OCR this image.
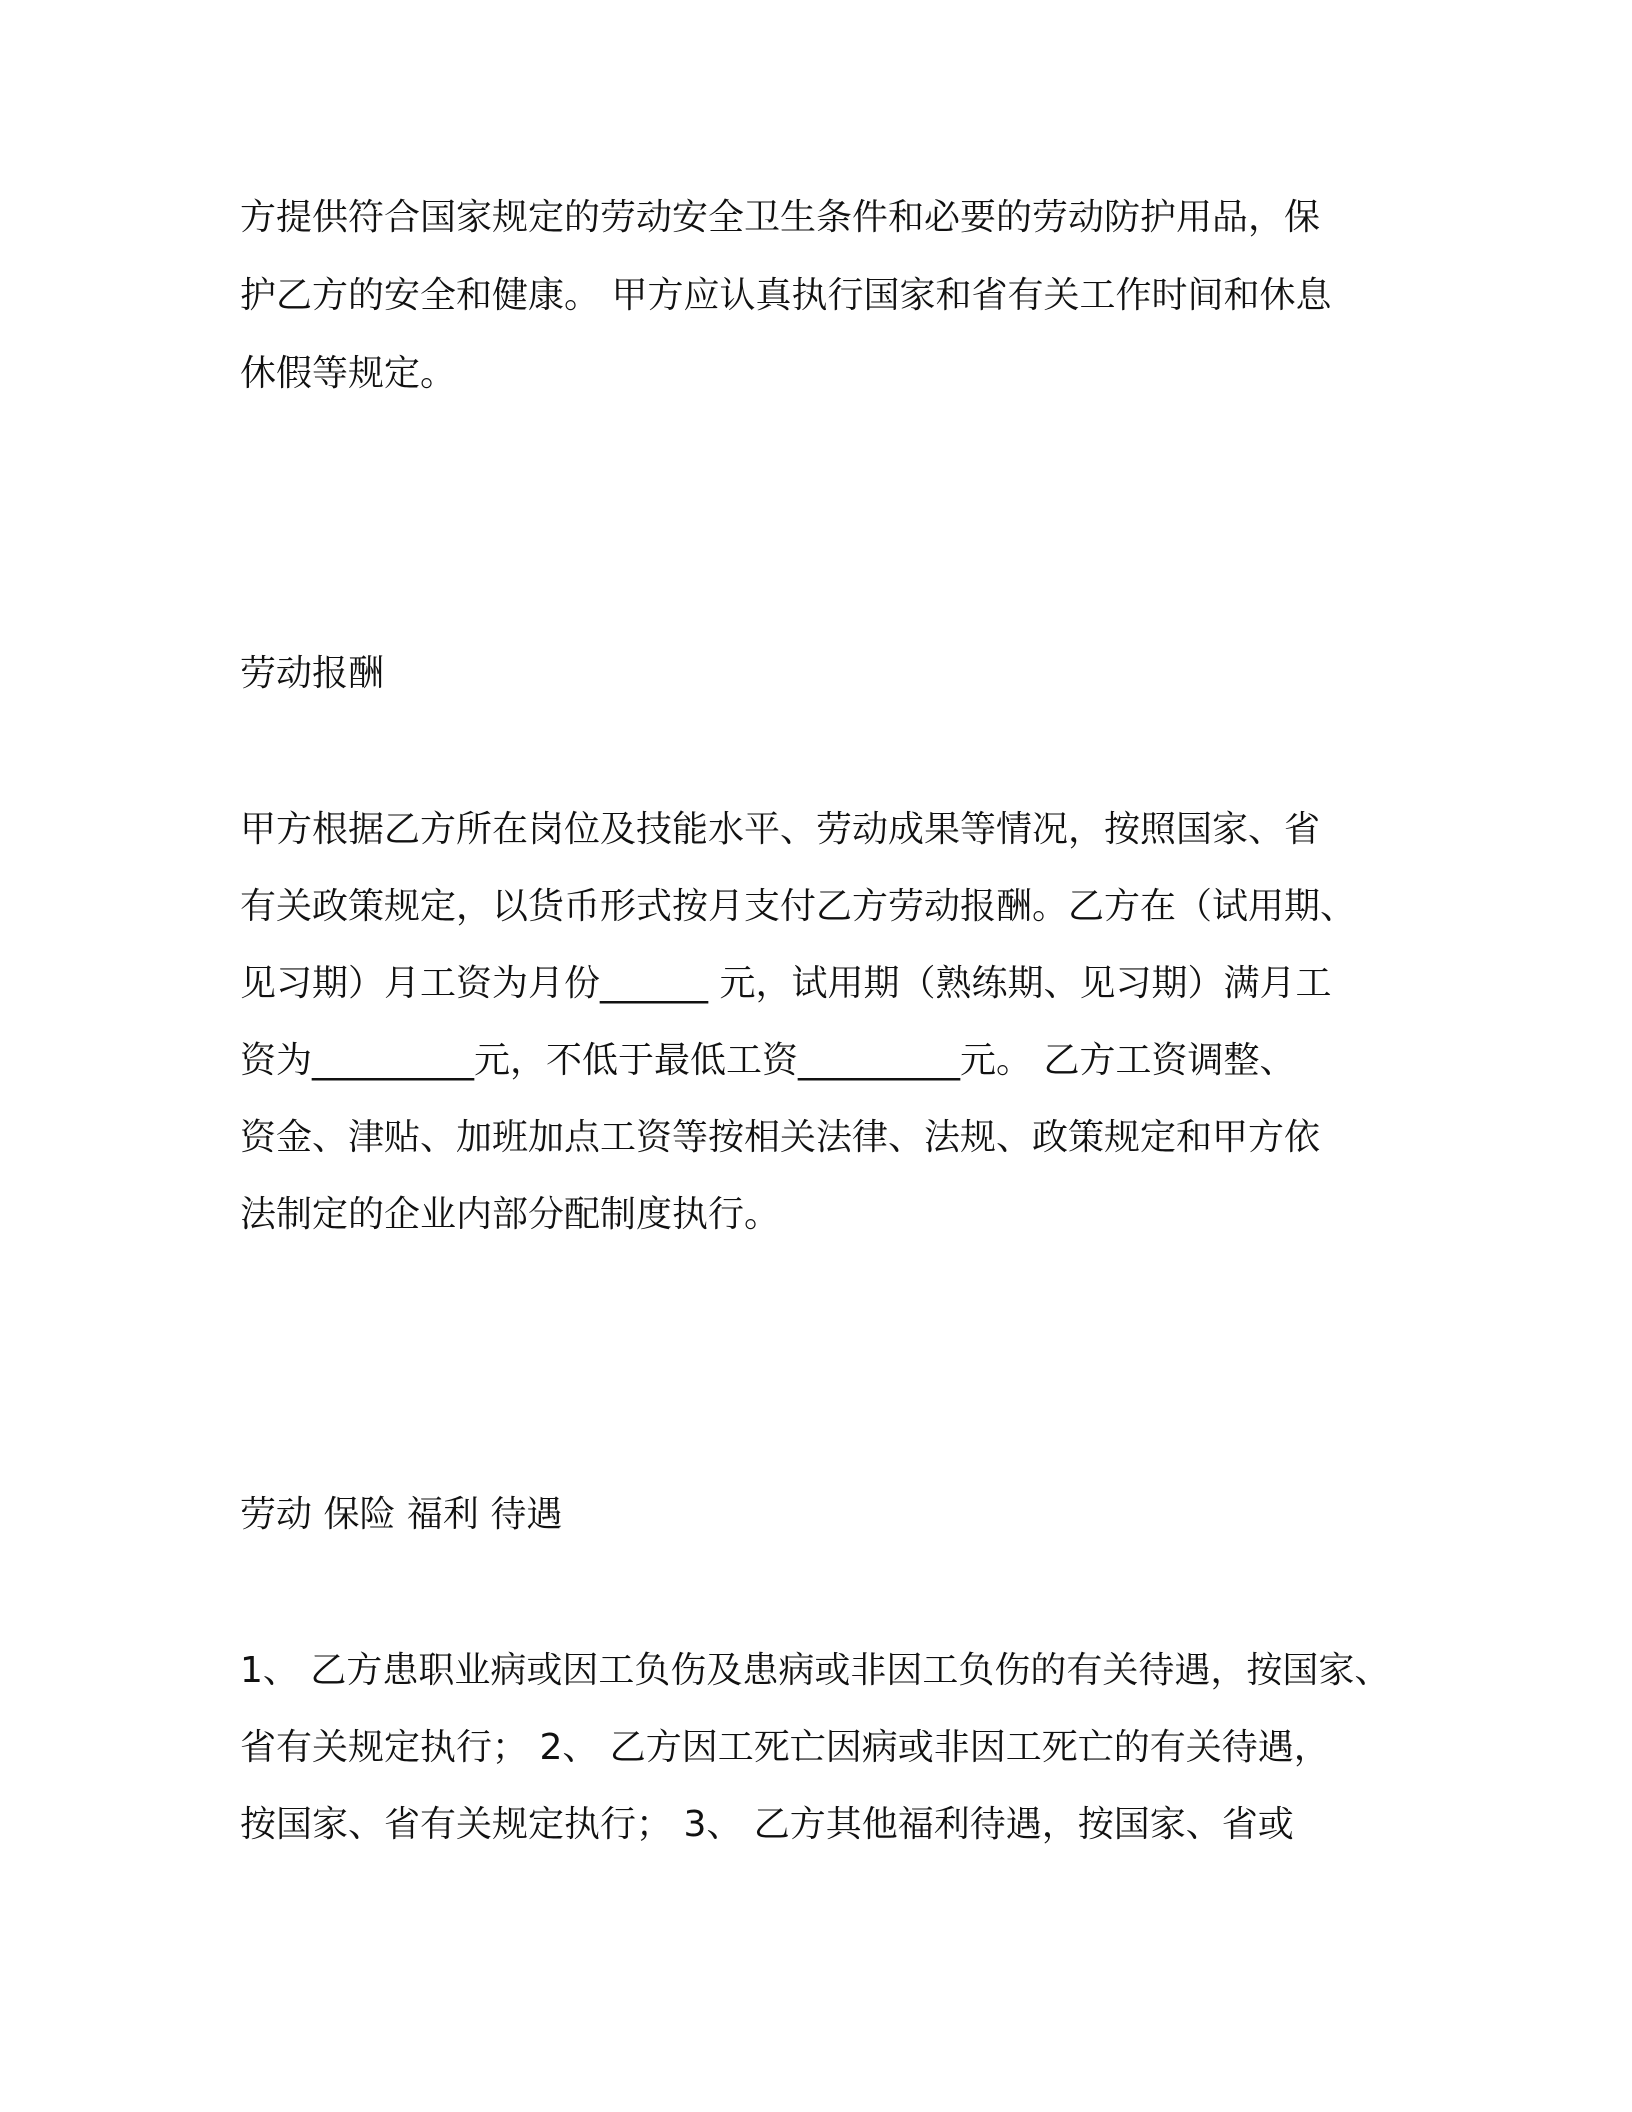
方提供符合国家规定的劳动安全卫生条件和必要的劳动防护用品，保

护乙方的安全和健康。 甲方应认真执行国家和省有关工作时间和休息

休假等规定。

劳动报酬

甲方根据乙方所在岗位及技能水平、劳动成果等情况，按照国家、省

有关政策规定，以货币形式按月支付乙方劳动报酬。乙方在（试用期、

见习期）月工资为月份______ 元，试用期（熟练期、见习期）满月工

资为_________元，不低于最低工资_________元。 乙方工资调整、

资金、津贴、加班加点工资等按相关法律、法规、政策规定和甲方依

法制定的企业内部分配制度执行。

劳动 保险 福利 待遇

1、 乙方患职业病或因工负伤及患病或非因工负伤的有关待遇，按国家、

省有关规定执行； 2、 乙方因工死亡因病或非因工死亡的有关待遇，

按国家、省有关规定执行； 3、 乙方其他福利待遇，按国家、省或
